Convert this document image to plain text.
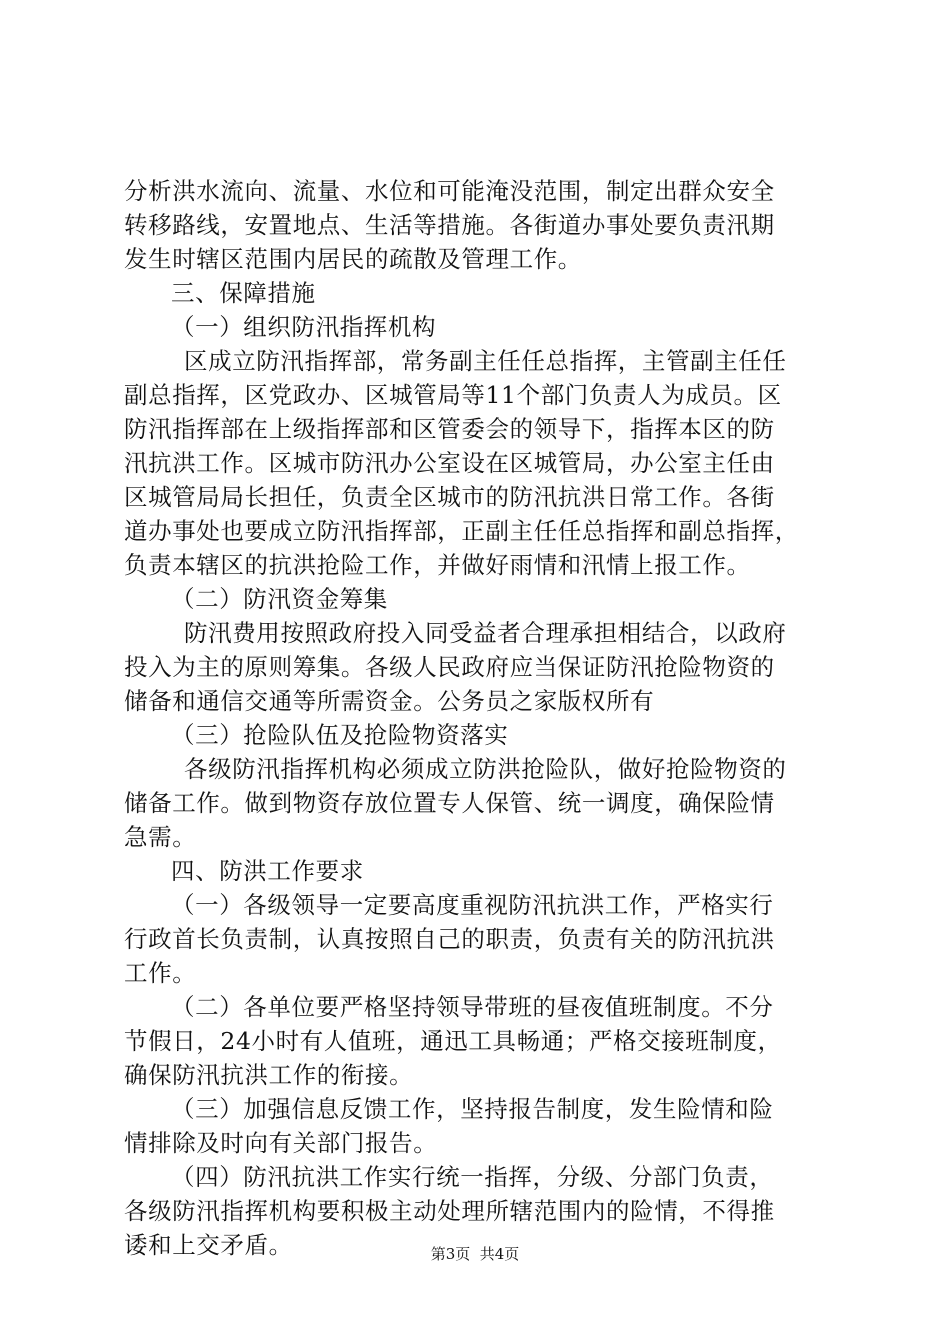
分析洪水流向、流量、水位和可能淹没范围，制定出群众安全
转移路线，安置地点、生活等措施。各街道办事处要负责汛期
发生时辖区范围内居民的疏散及管理工作。
三、保障措施
（一）组织防汛指挥机构
区成立防汛指挥部，常务副主任任总指挥，主管副主任任
副总指挥，区党政办、区城管局等11个部门负责人为成员。区
防汛指挥部在上级指挥部和区管委会的领导下，指挥本区的防
汛抗洪工作。区城市防汛办公室设在区城管局，办公室主任由
区城管局局长担任，负责全区城市的防汛抗洪日常工作。各街
道办事处也要成立防汛指挥部，正副主任任总指挥和副总指挥，
负责本辖区的抗洪抢险工作，并做好雨情和汛情上报工作。
（二）防汛资金筹集
防汛费用按照政府投入同受益者合理承担相结合，以政府
投入为主的原则筹集。各级人民政府应当保证防汛抢险物资的
储备和通信交通等所需资金。公务员之家版权所有
（三）抢险队伍及抢险物资落实
各级防汛指挥机构必须成立防洪抢险队，做好抢险物资的
储备工作。做到物资存放位置专人保管、统一调度，确保险情
急需。
四、防洪工作要求
（一）各级领导一定要高度重视防汛抗洪工作，严格实行
行政首长负责制，认真按照自己的职责，负责有关的防汛抗洪
工作。
（二）各单位要严格坚持领导带班的昼夜值班制度。不分
节假日，24小时有人值班，通迅工具畅通；严格交接班制度，
确保防汛抗洪工作的衔接。
（三）加强信息反馈工作，坚持报告制度，发生险情和险
情排除及时向有关部门报告。
（四）防汛抗洪工作实行统一指挥，分级、分部门负责，
各级防汛指挥机构要积极主动处理所辖范围内的险情，不得推
诿和上交矛盾。	第3页  共4页
